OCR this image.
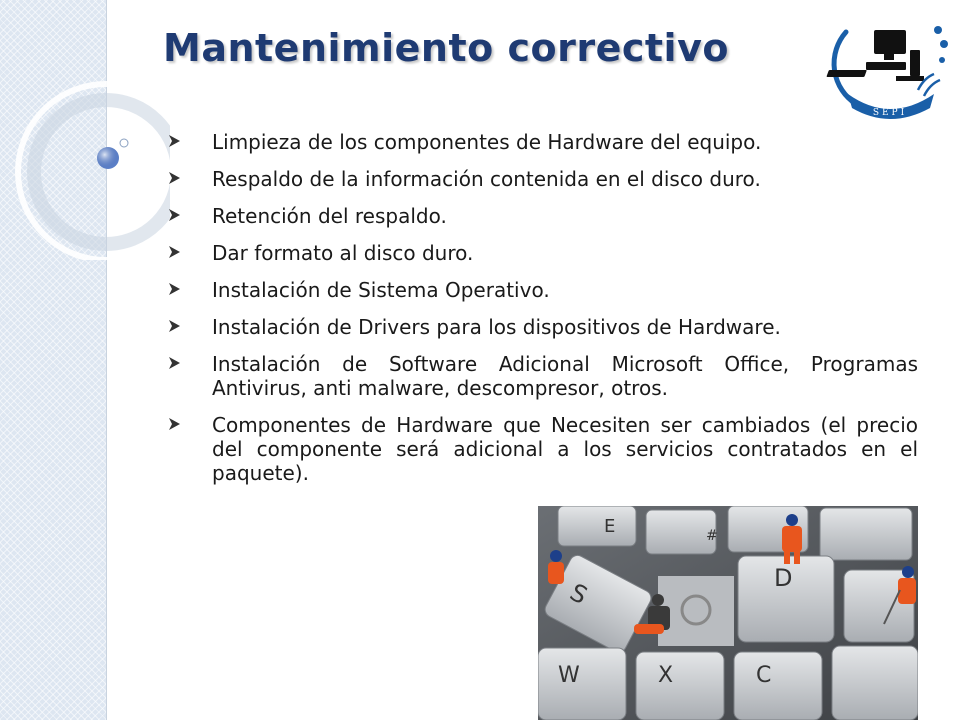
Mantenimiento correctivo
SEPI
Limpieza de los componentes de Hardware del equipo.
Respaldo de la información contenida en el disco duro.
Retención del respaldo.
Dar formato al disco duro.
Instalación de Sistema Operativo.
Instalación de Drivers para los dispositivos de Hardware.
Instalación de Software Adicional Microsoft Office, Programas Antivirus, anti malware, descompresor, otros.
Componentes de Hardware que Necesiten ser cambiados (el precio del componente será adicional a los servicios contratados en el paquete).
E	#
S
D
W	X	C
